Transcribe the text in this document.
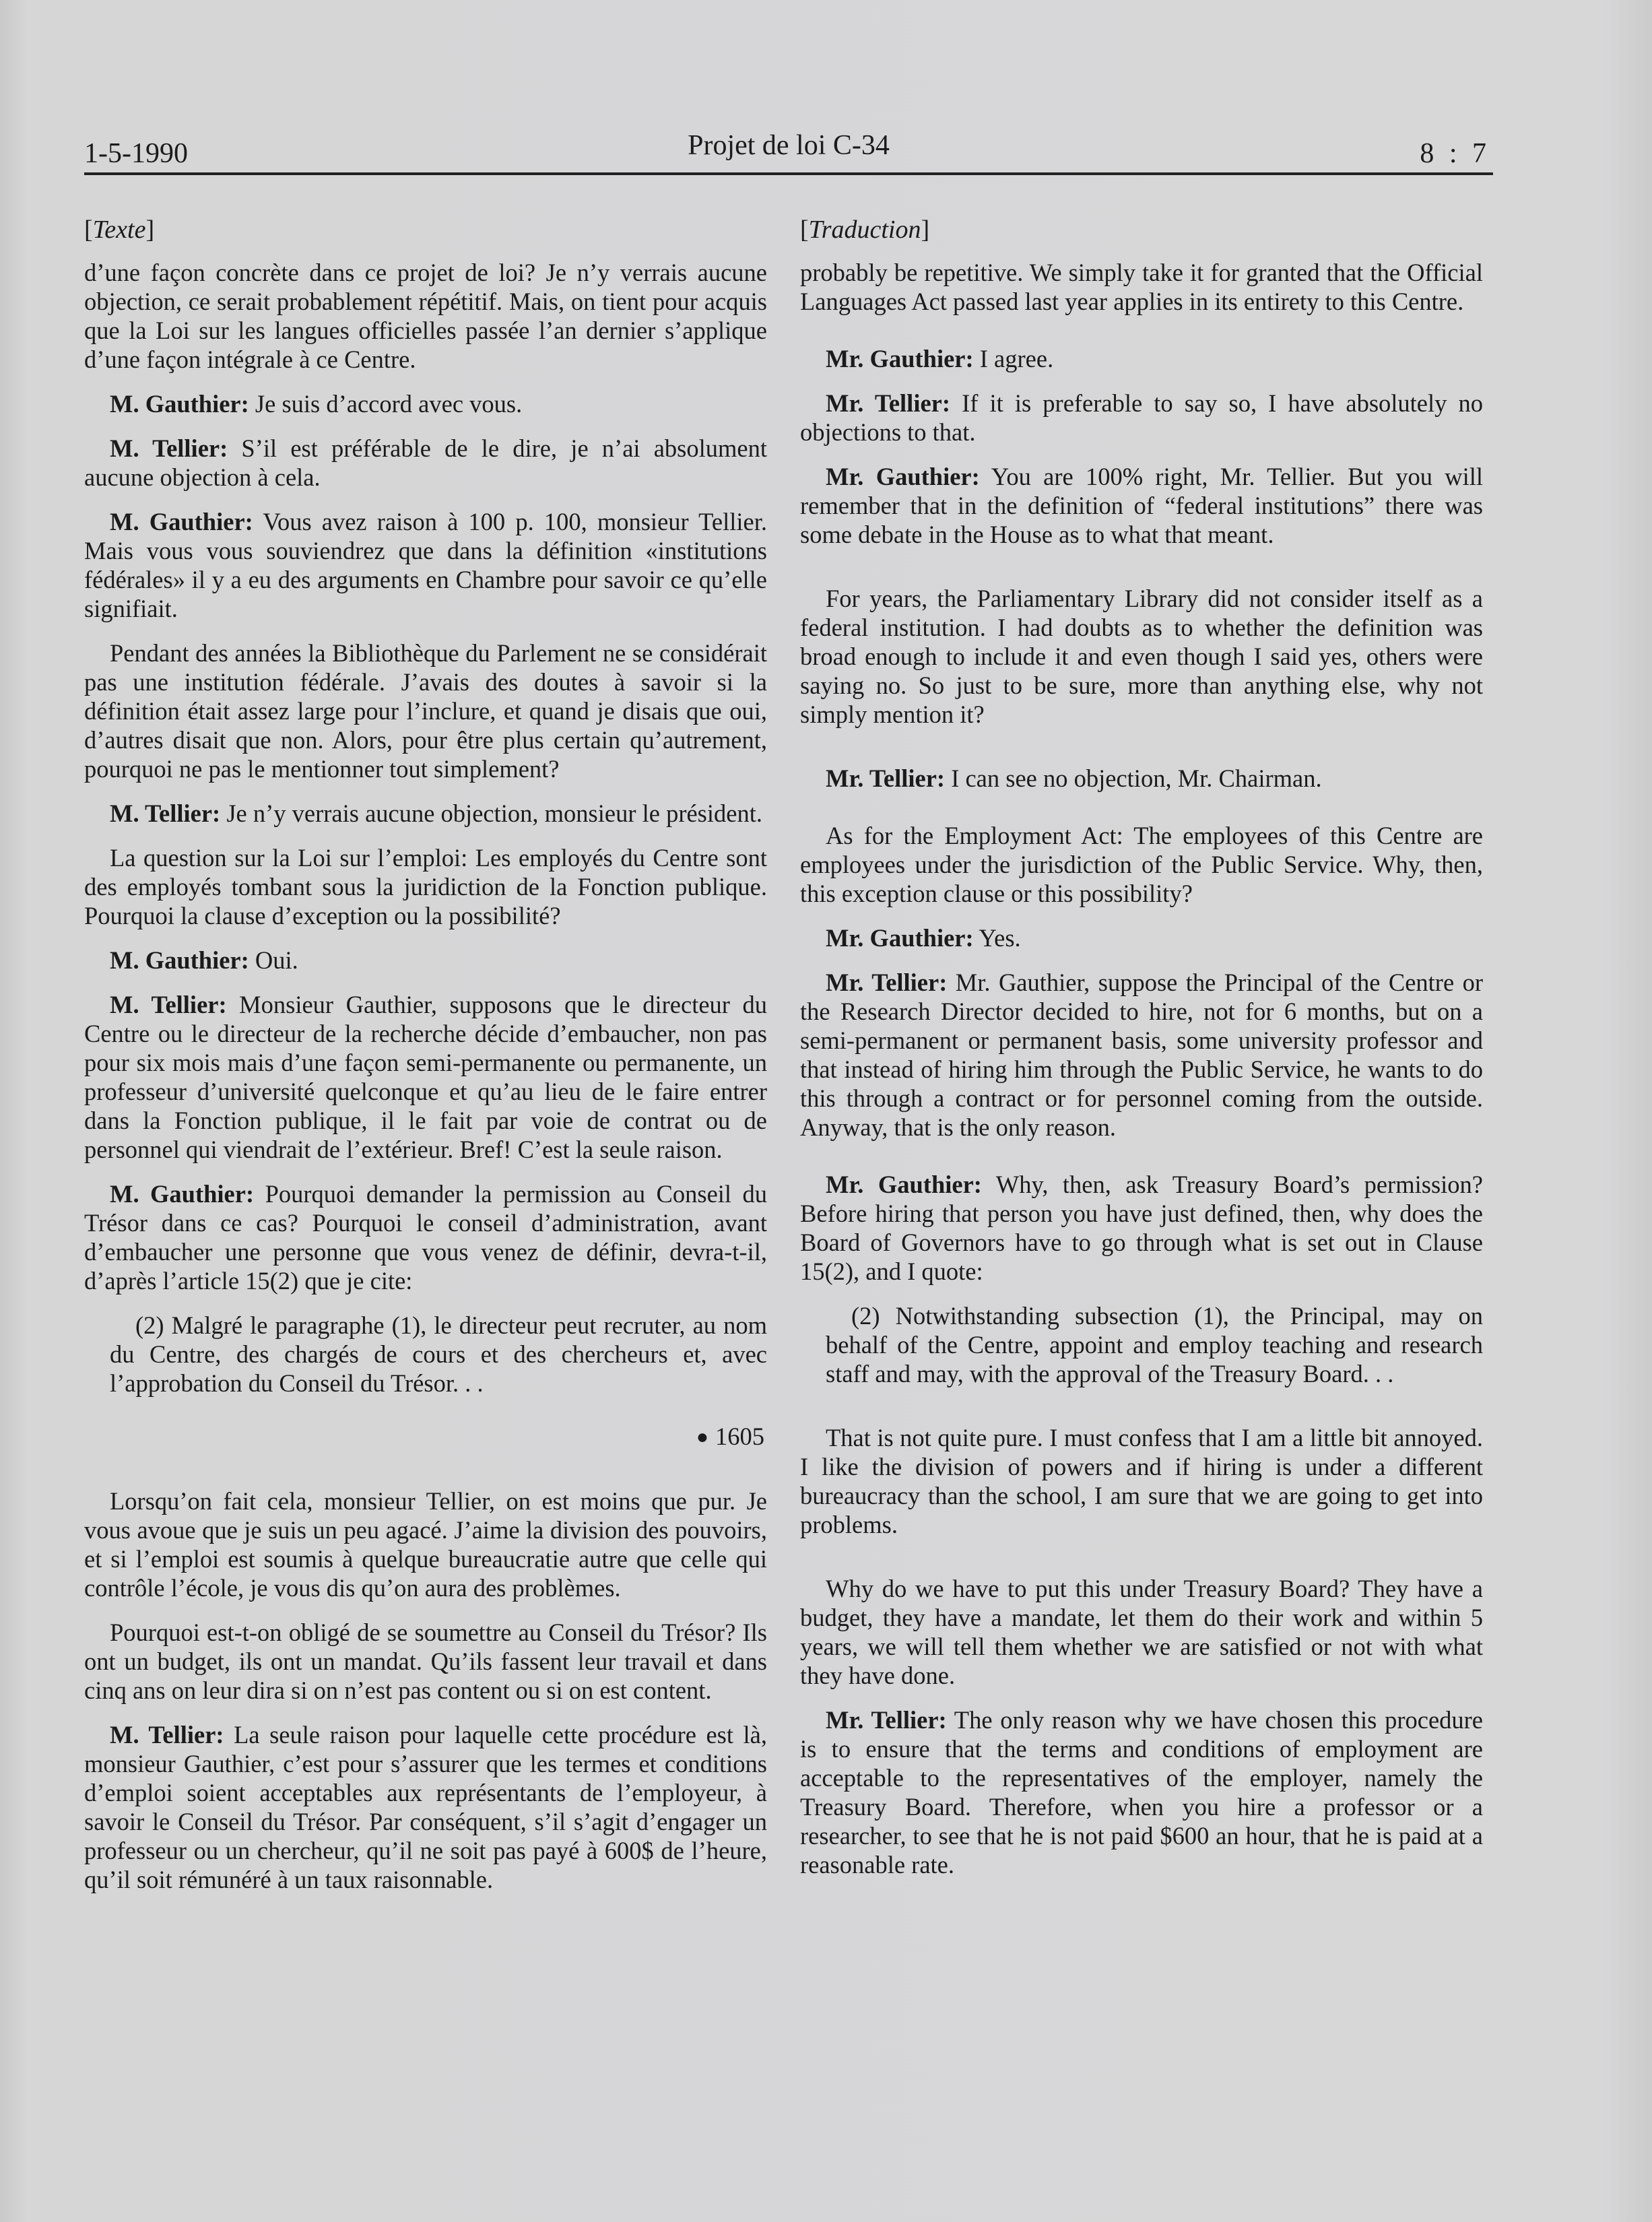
1-5-1990	Projet de loi C-34	8 : 7

[Texte]

d’une façon concrète dans ce projet de loi? Je n’y verrais aucune objection, ce serait probablement répétitif. Mais, on tient pour acquis que la Loi sur les langues officielles passée l’an dernier s’applique d’une façon intégrale à ce Centre.

M. Gauthier: Je suis d’accord avec vous.

M. Tellier: S’il est préférable de le dire, je n’ai absolument aucune objection à cela.

M. Gauthier: Vous avez raison à 100 p. 100, monsieur Tellier. Mais vous vous souviendrez que dans la définition «institutions fédérales» il y a eu des arguments en Chambre pour savoir ce qu’elle signifiait.

Pendant des années la Bibliothèque du Parlement ne se considérait pas une institution fédérale. J’avais des doutes à savoir si la définition était assez large pour l’inclure, et quand je disais que oui, d’autres disait que non. Alors, pour être plus certain qu’autrement, pourquoi ne pas le mentionner tout simplement?

M. Tellier: Je n’y verrais aucune objection, monsieur le président.

La question sur la Loi sur l’emploi: Les employés du Centre sont des employés tombant sous la juridiction de la Fonction publique. Pourquoi la clause d’exception ou la possibilité?

M. Gauthier: Oui.

M. Tellier: Monsieur Gauthier, supposons que le directeur du Centre ou le directeur de la recherche décide d’embaucher, non pas pour six mois mais d’une façon semi-permanente ou permanente, un professeur d’université quelconque et qu’au lieu de le faire entrer dans la Fonction publique, il le fait par voie de contrat ou de personnel qui viendrait de l’extérieur. Bref! C’est la seule raison.

M. Gauthier: Pourquoi demander la permission au Conseil du Trésor dans ce cas? Pourquoi le conseil d’administration, avant d’embaucher une personne que vous venez de définir, devra-t-il, d’après l’article 15(2) que je cite:

(2) Malgré le paragraphe (1), le directeur peut recruter, au nom du Centre, des chargés de cours et des chercheurs et, avec l’approbation du Conseil du Trésor. . .

● 1605

Lorsqu’on fait cela, monsieur Tellier, on est moins que pur. Je vous avoue que je suis un peu agacé. J’aime la division des pouvoirs, et si l’emploi est soumis à quelque bureaucratie autre que celle qui contrôle l’école, je vous dis qu’on aura des problèmes.

Pourquoi est-t-on obligé de se soumettre au Conseil du Trésor? Ils ont un budget, ils ont un mandat. Qu’ils fassent leur travail et dans cinq ans on leur dira si on n’est pas content ou si on est content.

M. Tellier: La seule raison pour laquelle cette procédure est là, monsieur Gauthier, c’est pour s’assurer que les termes et conditions d’emploi soient acceptables aux représentants de l’employeur, à savoir le Conseil du Trésor. Par conséquent, s’il s’agit d’engager un professeur ou un chercheur, qu’il ne soit pas payé à 600$ de l’heure, qu’il soit rémunéré à un taux raisonnable.

[Traduction]

probably be repetitive. We simply take it for granted that the Official Languages Act passed last year applies in its entirety to this Centre.

Mr. Gauthier: I agree.

Mr. Tellier: If it is preferable to say so, I have absolutely no objections to that.

Mr. Gauthier: You are 100% right, Mr. Tellier. But you will remember that in the definition of “federal institutions” there was some debate in the House as to what that meant.

For years, the Parliamentary Library did not consider itself as a federal institution. I had doubts as to whether the definition was broad enough to include it and even though I said yes, others were saying no. So just to be sure, more than anything else, why not simply mention it?

Mr. Tellier: I can see no objection, Mr. Chairman.

As for the Employment Act: The employees of this Centre are employees under the jurisdiction of the Public Service. Why, then, this exception clause or this possibility?

Mr. Gauthier: Yes.

Mr. Tellier: Mr. Gauthier, suppose the Principal of the Centre or the Research Director decided to hire, not for 6 months, but on a semi-permanent or permanent basis, some university professor and that instead of hiring him through the Public Service, he wants to do this through a contract or for personnel coming from the outside. Anyway, that is the only reason.

Mr. Gauthier: Why, then, ask Treasury Board’s permission? Before hiring that person you have just defined, then, why does the Board of Governors have to go through what is set out in Clause 15(2), and I quote:

(2) Notwithstanding subsection (1), the Principal, may on behalf of the Centre, appoint and employ teaching and research staff and may, with the approval of the Treasury Board. . .

That is not quite pure. I must confess that I am a little bit annoyed. I like the division of powers and if hiring is under a different bureaucracy than the school, I am sure that we are going to get into problems.

Why do we have to put this under Treasury Board? They have a budget, they have a mandate, let them do their work and within 5 years, we will tell them whether we are satisfied or not with what they have done.

Mr. Tellier: The only reason why we have chosen this procedure is to ensure that the terms and conditions of employment are acceptable to the representatives of the employer, namely the Treasury Board. Therefore, when you hire a professor or a researcher, to see that he is not paid $600 an hour, that he is paid at a reasonable rate.
